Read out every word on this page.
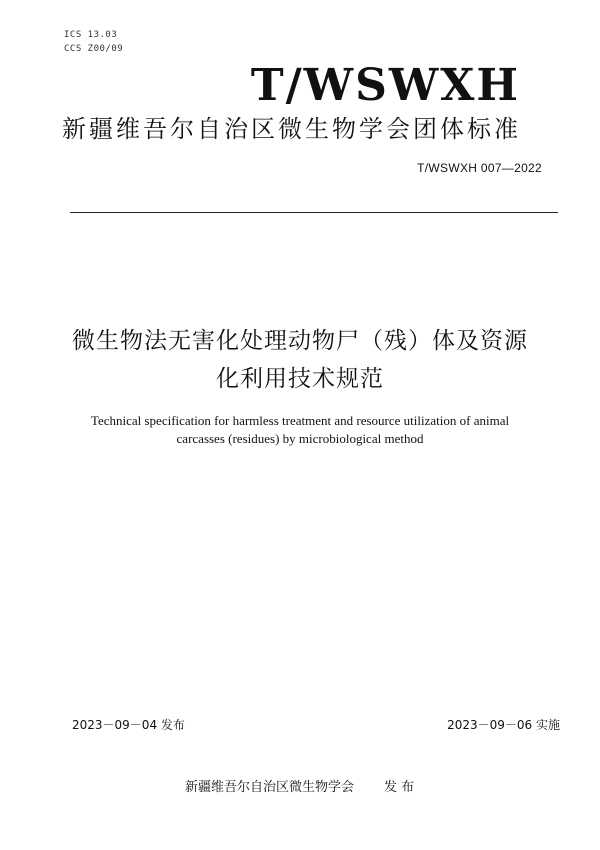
ICS 13.03
CCS Z00/09
T/WSWXH
新疆维吾尔自治区微生物学会团体标准
T/WSWXH 007—2022
微生物法无害化处理动物尸（残）体及资源
化利用技术规范
Technical specification for harmless treatment and resource utilization of animal
carcasses (residues) by microbiological method
2023－09－04 发布	2023－09－06 实施
新疆维吾尔自治区微生物学会 发 布
